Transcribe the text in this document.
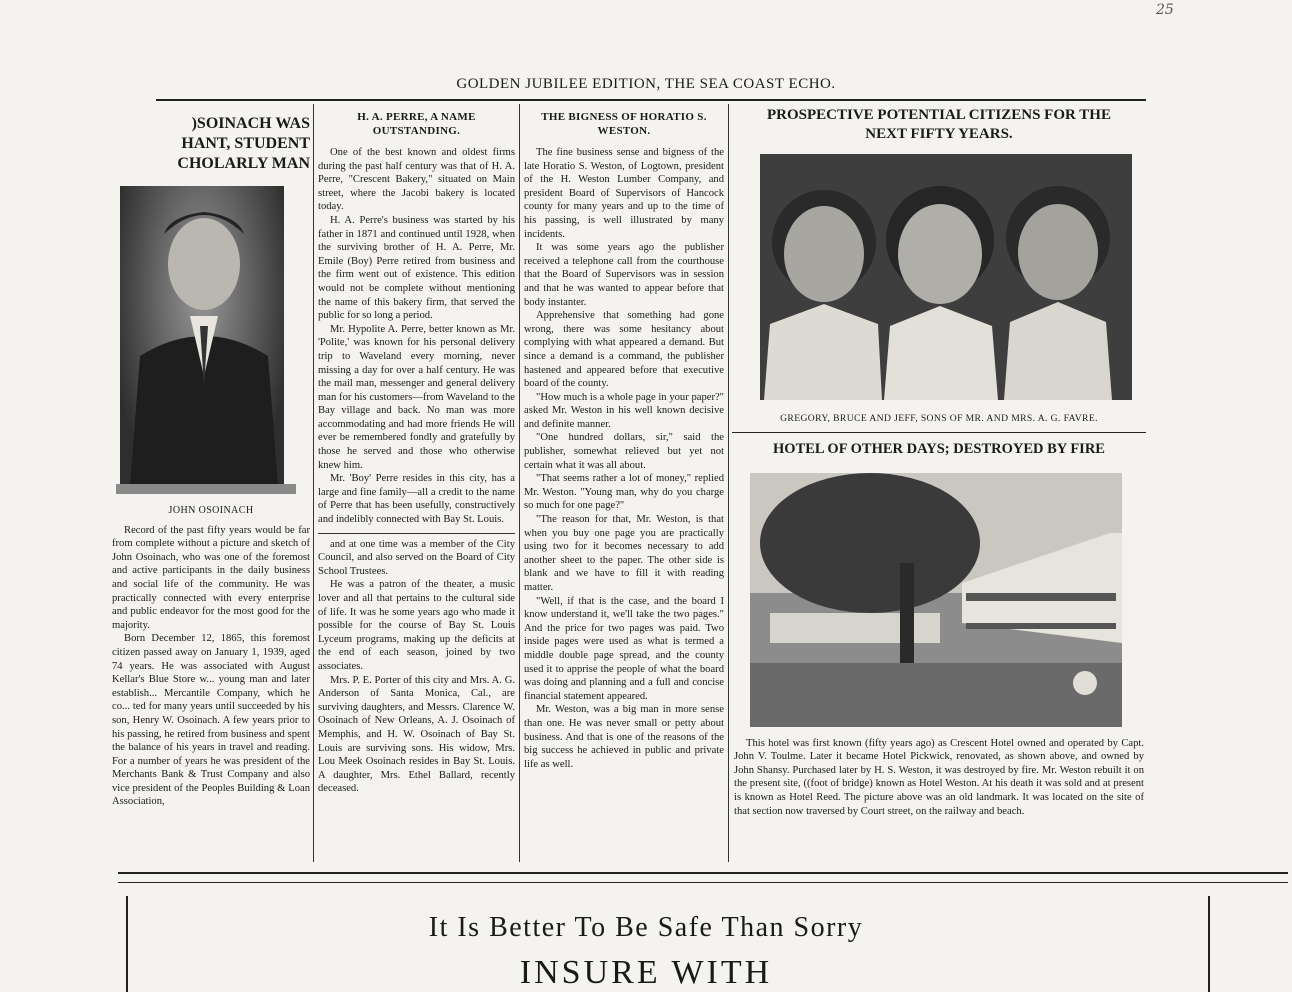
25
GOLDEN JUBILEE EDITION, THE SEA COAST ECHO.
)SOINACH WAS
HANT, STUDENT
CHOLARLY MAN
JOHN OSOINACH

Record of the past fifty years would be far from complete without a picture and sketch of John Osoinach, who was one of the foremost and active participants in the daily business and social life of the community. He was practically connected with every enterprise and public endeavor for the most good for the majority.

Born December 12, 1865, this foremost citizen passed away on January 1, 1939, aged 74 years. He was associated with August Kellar's Blue Store w... young man and later establish... Mercantile Company, which he co... ted for many years until succeeded by his son, Henry W. Osoinach. A few years prior to his passing, he retired from business and spent the balance of his years in travel and reading. For a number of years he was president of the Merchants Bank & Trust Company and also vice president of the Peoples Building & Loan Association,

H. A. PERRE, A NAME OUTSTANDING.

One of the best known and oldest firms during the past half century was that of H. A. Perre, "Crescent Bakery," situated on Main street, where the Jacobi bakery is located today.

H. A. Perre's business was started by his father in 1871 and continued until 1928, when the surviving brother of H. A. Perre, Mr. Emile (Boy) Perre retired from business and the firm went out of existence. This edition would not be complete without mentioning the name of this bakery firm, that served the public for so long a period.

Mr. Hypolite A. Perre, better known as Mr. 'Polite,' was known for his personal delivery trip to Waveland every morning, never missing a day for over a half century. He was the mail man, messenger and general delivery man for his customers—from Waveland to the Bay village and back. No man was more accommodating and had more friends He will ever be remembered fondly and gratefully by those he served and those who otherwise knew him.

Mr. 'Boy' Perre resides in this city, has a large and fine family—all a credit to the name of Perre that has been usefully, constructively and indelibly connected with Bay St. Louis.

and at one time was a member of the City Council, and also served on the Board of City School Trustees.

He was a patron of the theater, a music lover and all that pertains to the cultural side of life. It was he some years ago who made it possible for the course of Bay St. Louis Lyceum programs, making up the deficits at the end of each season, joined by two associates.

Mrs. P. E. Porter of this city and Mrs. A. G. Anderson of Santa Monica, Cal., are surviving daughters, and Messrs. Clarence W. Osoinach of New Orleans, A. J. Osoinach of Memphis, and H. W. Osoinach of Bay St. Louis are surviving sons. His widow, Mrs. Lou Meek Osoinach resides in Bay St. Louis. A daughter, Mrs. Ethel Ballard, recently deceased.

THE BIGNESS OF HORATIO S. WESTON.

The fine business sense and bigness of the late Horatio S. Weston, of Logtown, president of the H. Weston Lumber Company, and president Board of Supervisors of Hancock county for many years and up to the time of his passing, is well illustrated by many incidents.

It was some years ago the publisher received a telephone call from the courthouse that the Board of Supervisors was in session and that he was wanted to appear before that body instanter.

Apprehensive that something had gone wrong, there was some hesitancy about complying with what appeared a demand. But since a demand is a command, the publisher hastened and appeared before that executive board of the county.

"How much is a whole page in your paper?" asked Mr. Weston in his well known decisive and definite manner.

"One hundred dollars, sir," said the publisher, somewhat relieved but yet not certain what it was all about.

"That seems rather a lot of money," replied Mr. Weston. "Young man, why do you charge so much for one page?"

"The reason for that, Mr. Weston, is that when you buy one page you are practically using two for it becomes necessary to add another sheet to the paper. The other side is blank and we have to fill it with reading matter.

"Well, if that is the case, and the board I know understand it, we'll take the two pages." And the price for two pages was paid. Two inside pages were used as what is termed a middle double page spread, and the county used it to apprise the people of what the board was doing and planning and a full and concise financial statement appeared.

Mr. Weston, was a big man in more sense than one. He was never small or petty about business. And that is one of the reasons of the big success he achieved in public and private life as well.

PROSPECTIVE POTENTIAL CITIZENS FOR THE NEXT FIFTY YEARS.
GREGORY, BRUCE AND JEFF, SONS OF MR. AND MRS. A. G. FAVRE.
HOTEL OF OTHER DAYS; DESTROYED BY FIRE

This hotel was first known (fifty years ago) as Crescent Hotel owned and operated by Capt. John V. Toulme. Later it became Hotel Pickwick, renovated, as shown above, and owned by John Shansy. Purchased later by H. S. Weston, it was destroyed by fire. Mr. Weston rebuilt it on the present site, ((foot of bridge) known as Hotel Weston. At his death it was sold and at present is known as Hotel Reed. The picture above was an old landmark. It was located on the site of that section now traversed by Court street, on the railway and beach.

It Is Better To Be Safe Than Sorry
INSURE WITH
